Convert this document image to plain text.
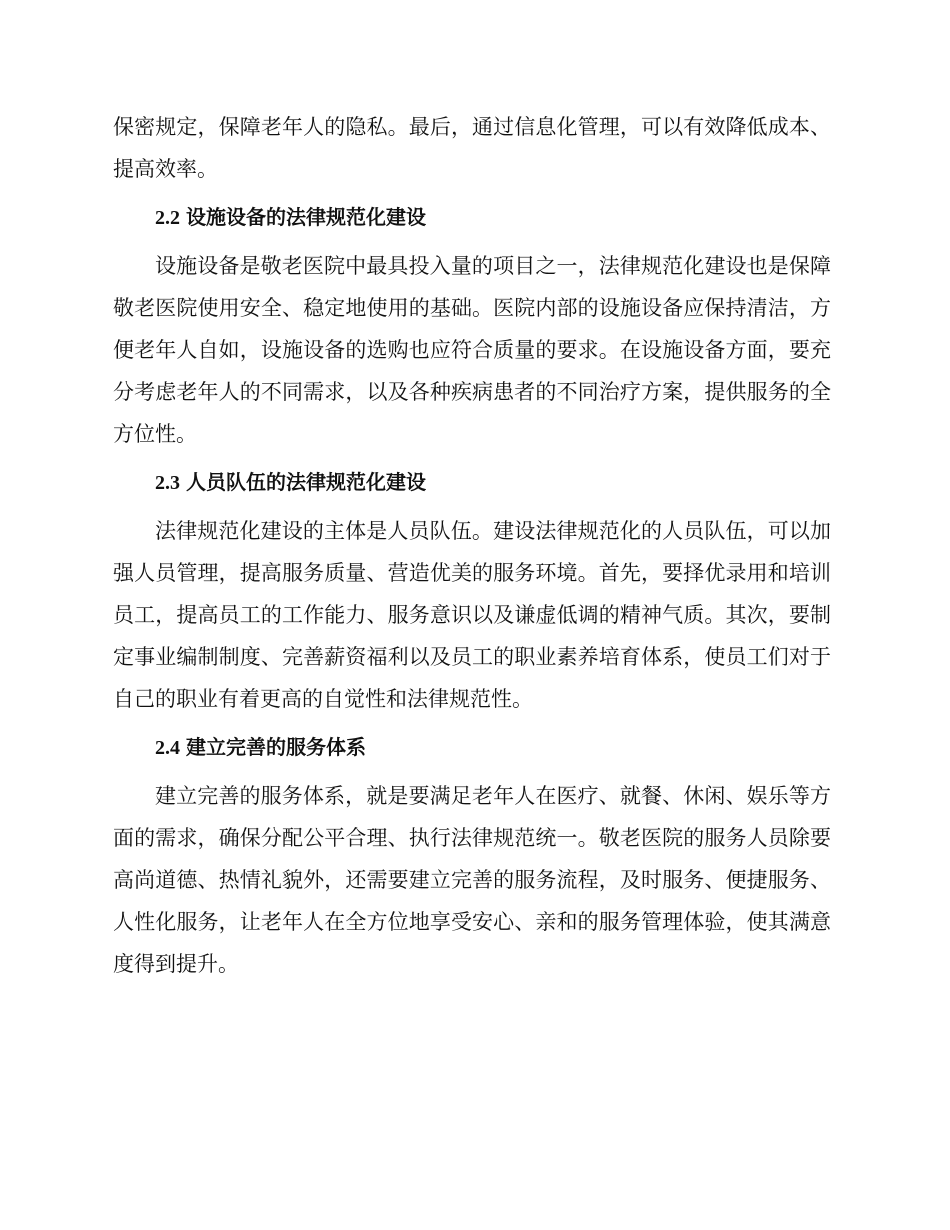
保密规定，保障老年人的隐私。最后，通过信息化管理，可以有效降低成本、提高效率。

2.2 设施设备的法律规范化建设

设施设备是敬老医院中最具投入量的项目之一，法律规范化建设也是保障敬老医院使用安全、稳定地使用的基础。医院内部的设施设备应保持清洁，方便老年人自如，设施设备的选购也应符合质量的要求。在设施设备方面，要充分考虑老年人的不同需求，以及各种疾病患者的不同治疗方案，提供服务的全方位性。

2.3 人员队伍的法律规范化建设

法律规范化建设的主体是人员队伍。建设法律规范化的人员队伍，可以加强人员管理，提高服务质量、营造优美的服务环境。首先，要择优录用和培训员工，提高员工的工作能力、服务意识以及谦虚低调的精神气质。其次，要制定事业编制制度、完善薪资福利以及员工的职业素养培育体系，使员工们对于自己的职业有着更高的自觉性和法律规范性。

2.4 建立完善的服务体系

建立完善的服务体系，就是要满足老年人在医疗、就餐、休闲、娱乐等方面的需求，确保分配公平合理、执行法律规范统一。敬老医院的服务人员除要高尚道德、热情礼貌外，还需要建立完善的服务流程，及时服务、便捷服务、人性化服务，让老年人在全方位地享受安心、亲和的服务管理体验，使其满意度得到提升。
